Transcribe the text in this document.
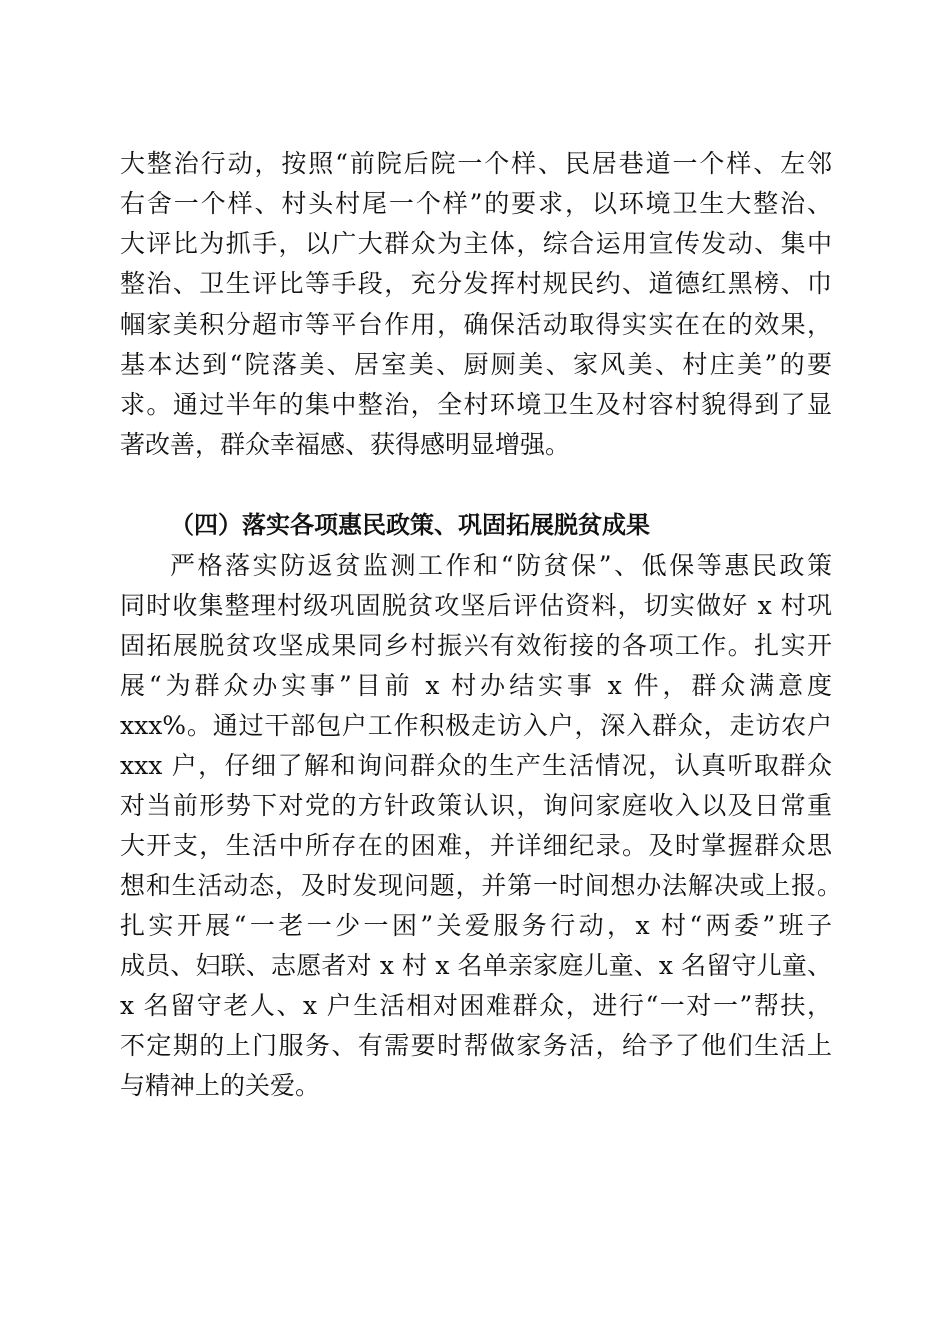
大整治行动，按照“前院后院一个样、民居巷道一个样、左邻
右舍一个样、村头村尾一个样”的要求，以环境卫生大整治、
大评比为抓手，以广大群众为主体，综合运用宣传发动、集中
整治、卫生评比等手段，充分发挥村规民约、道德红黑榜、巾
帼家美积分超市等平台作用，确保活动取得实实在在的效果，
基本达到“院落美、居室美、厨厕美、家风美、村庄美”的要
求。通过半年的集中整治，全村环境卫生及村容村貌得到了显
著改善，群众幸福感、获得感明显增强。
（四）落实各项惠民政策、巩固拓展脱贫成果
严格落实防返贫监测工作和“防贫保”、低保等惠民政策
同时收集整理村级巩固脱贫攻坚后评估资料，切实做好 x 村巩
固拓展脱贫攻坚成果同乡村振兴有效衔接的各项工作。扎实开
展“为群众办实事”目前 x 村办结实事 x 件，群众满意度
xxx%。通过干部包户工作积极走访入户，深入群众，走访农户
xxx 户，仔细了解和询问群众的生产生活情况，认真听取群众
对当前形势下对党的方针政策认识，询问家庭收入以及日常重
大开支，生活中所存在的困难，并详细纪录。及时掌握群众思
想和生活动态，及时发现问题，并第一时间想办法解决或上报。
扎实开展“一老一少一困”关爱服务行动，x 村“两委”班子
成员、妇联、志愿者对 x 村 x 名单亲家庭儿童、x 名留守儿童、
x 名留守老人、x 户生活相对困难群众，进行“一对一”帮扶，
不定期的上门服务、有需要时帮做家务活，给予了他们生活上
与精神上的关爱。
